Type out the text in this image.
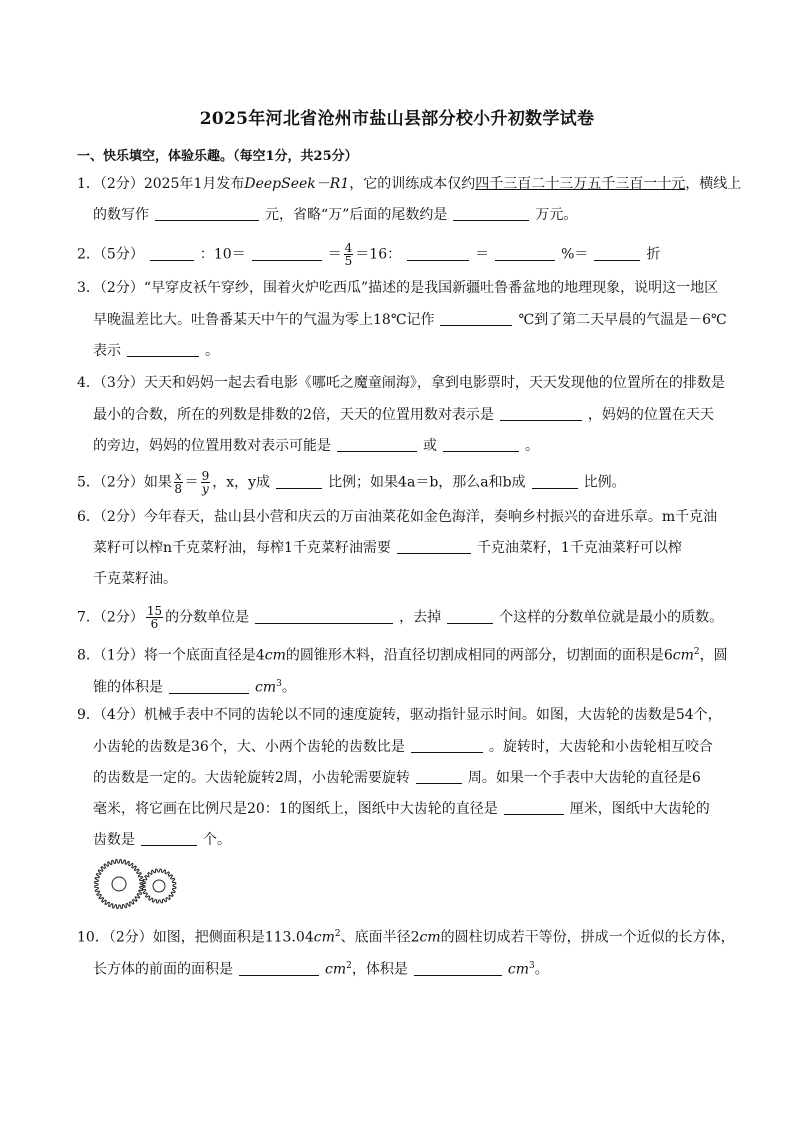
2025年河北省沧州市盐山县部分校小升初数学试卷
一、快乐填空，体验乐趣。（每空1分，共25分）
1．（2分）2025年1月发布DeepSeek－R1，它的训练成本仅约四千三百二十三万五千三百一十元，横线上
的数写作	元，省略“万”后面的尾数约是	万元。
2．（5分）	：10＝	＝ $\frac{4}{5} =16$：	＝	%＝	折
3．（2分）“早穿皮袄午穿纱，围着火炉吃西瓜”描述的是我国新疆吐鲁番盆地的地理现象，说明这一地区
早晚温差比大。吐鲁番某天中午的气温为零上18℃记作	℃到了第二天早晨的气温是－6℃
表示	。
4．（3分）天天和妈妈一起去看电影《哪吒之魔童闹海》，拿到电影票时，天天发现他的位置所在的排数是
最小的合数，所在的列数是排数的2倍，天天的位置用数对表示是	，妈妈的位置在天天
的旁边，妈妈的位置用数对表示可能是	或	。
5．（2分）如果 $\frac{x}{8} = \frac{9}{y}$ ，x，y成	比例；如果4a＝b，那么a和b成	比例。
6．（2分）今年春天，盐山县小营和庆云的万亩油菜花如金色海洋，奏响乡村振兴的奋进乐章。m千克油
菜籽可以榨n千克菜籽油，每榨1千克菜籽油需要	千克油菜籽，1千克油菜籽可以榨
千克菜籽油。
7．（2分） $\frac{15}{6}$ 的分数单位是	，去掉	个这样的分数单位就是最小的质数。
8．（1分）将一个底面直径是4cm的圆锥形木料，沿直径切割成相同的两部分，切割面的面积是$6cm^2$，圆
锥的体积是	$cm^3$。
9．（4分）机械手表中不同的齿轮以不同的速度旋转，驱动指针显示时间。如图，大齿轮的齿数是54个，
小齿轮的齿数是36个，大、小两个齿轮的齿数比是	。旋转时，大齿轮和小齿轮相互咬合
的齿数是一定的。大齿轮旋转2周，小齿轮需要旋转	周。如果一个手表中大齿轮的直径是6
毫米，将它画在比例尺是20：1的图纸上，图纸中大齿轮的直径是	厘米，图纸中大齿轮的
齿数是	个。
10．（2分）如图，把侧面积是$113.04cm^2$、底面半径2cm的圆柱切成若干等份，拼成一个近似的长方体，
长方体的前面的面积是	$cm^2$，体积是	$cm^3$。
